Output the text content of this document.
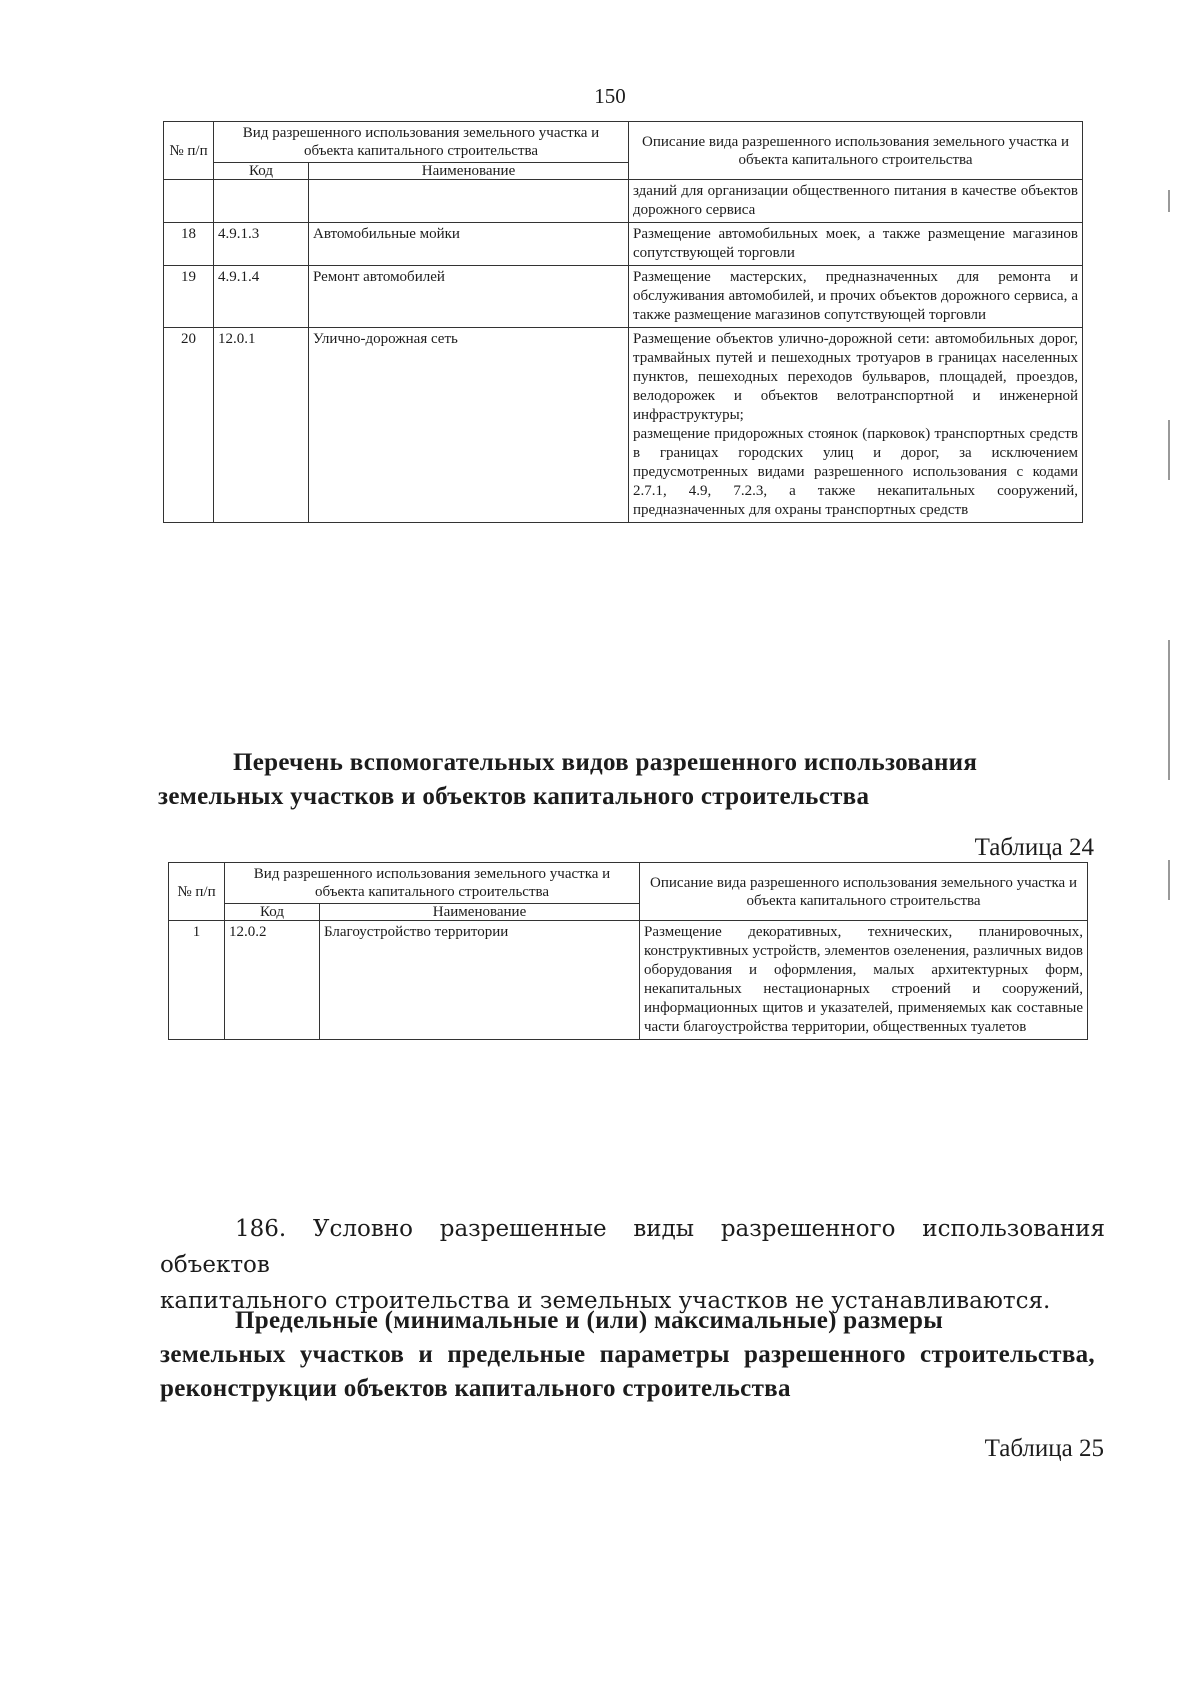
150
№ п/п	Вид разрешенного использования земельного участка и объекта капитального строительства		Описание вида разрешенного использования земельного участка и объекта капитального строительства
	Код	Наименование	
			зданий для организации общественного питания в качестве объектов дорожного сервиса
18	4.9.1.3	Автомобильные мойки	Размещение автомобильных моек, а также размещение магазинов сопутствующей торговли
19	4.9.1.4	Ремонт автомобилей	Размещение мастерских, предназначенных для ремонта и обслуживания автомобилей, и прочих объектов дорожного сервиса, а также размещение магазинов сопутствующей торговли
20	12.0.1	Улично-дорожная сеть	Размещение объектов улично-дорожной сети: автомобильных дорог, трамвайных путей и пешеходных тротуаров в границах населенных пунктов, пешеходных переходов бульваров, площадей, проездов, велодорожек и объектов велотранспортной и инженерной инфраструктуры;
размещение придорожных стоянок (парковок) транспортных средств в границах городских улиц и дорог, за исключением предусмотренных видами разрешенного использования с кодами 2.7.1, 4.9, 7.2.3, а также некапитальных сооружений, предназначенных для охраны транспортных средств
Перечень вспомогательных видов разрешенного использования
земельных участков и объектов капитального строительства
Таблица 24
№ п/п	Вид разрешенного использования земельного участка и объекта капитального строительства		Описание вида разрешенного использования земельного участка и объекта капитального строительства
	Код	Наименование	
1	12.0.2	Благоустройство территории	Размещение декоративных, технических, планировочных, конструктивных устройств, элементов озеленения, различных видов оборудования и оформления, малых архитектурных форм, некапитальных нестационарных строений и сооружений, информационных щитов и указателей, применяемых как составные части благоустройства территории, общественных туалетов
186. Условно разрешенные виды разрешенного использования объектов
капитального строительства и земельных участков не устанавливаются.
Предельные (минимальные и (или) максимальные) размеры
земельных участков и предельные параметры разрешенного строительства, реконструкции объектов капитального строительства
Таблица 25
